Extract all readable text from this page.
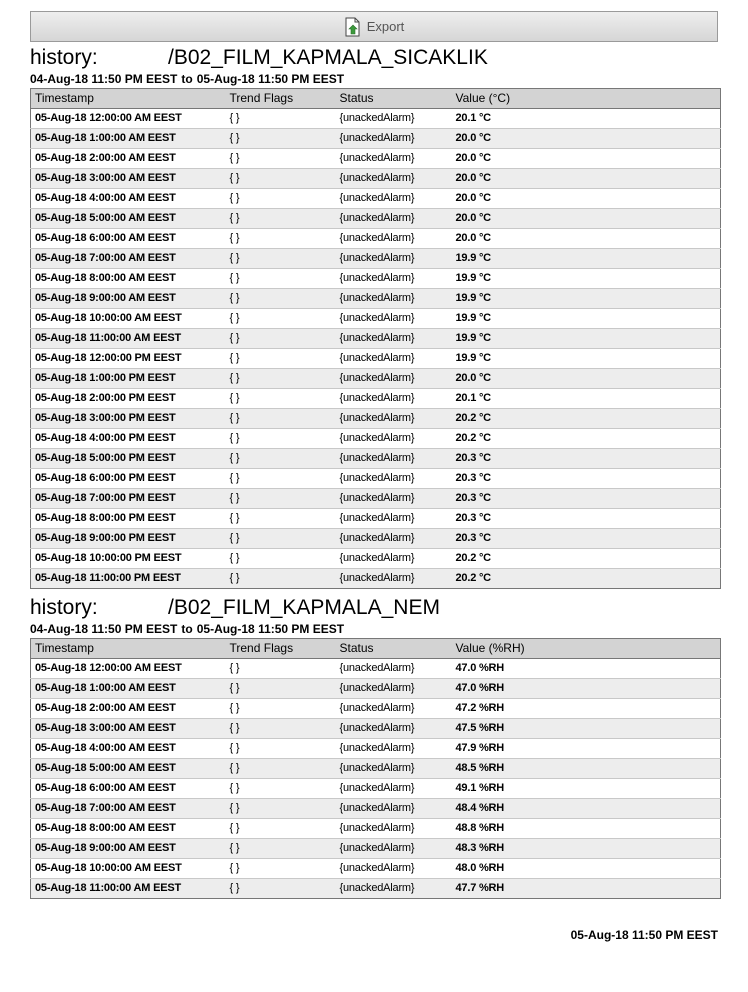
Export
history:	/B02_FILM_KAPMALA_SICAKLIK
04-Aug-18 11:50 PM EEST to 05-Aug-18 11:50 PM EEST
Timestamp	Trend Flags	Status	Value (°C)
05-Aug-18 12:00:00 AM EEST	{ }	{unackedAlarm}	20.1 °C
05-Aug-18 1:00:00 AM EEST	{ }	{unackedAlarm}	20.0 °C
05-Aug-18 2:00:00 AM EEST	{ }	{unackedAlarm}	20.0 °C
05-Aug-18 3:00:00 AM EEST	{ }	{unackedAlarm}	20.0 °C
05-Aug-18 4:00:00 AM EEST	{ }	{unackedAlarm}	20.0 °C
05-Aug-18 5:00:00 AM EEST	{ }	{unackedAlarm}	20.0 °C
05-Aug-18 6:00:00 AM EEST	{ }	{unackedAlarm}	20.0 °C
05-Aug-18 7:00:00 AM EEST	{ }	{unackedAlarm}	19.9 °C
05-Aug-18 8:00:00 AM EEST	{ }	{unackedAlarm}	19.9 °C
05-Aug-18 9:00:00 AM EEST	{ }	{unackedAlarm}	19.9 °C
05-Aug-18 10:00:00 AM EEST	{ }	{unackedAlarm}	19.9 °C
05-Aug-18 11:00:00 AM EEST	{ }	{unackedAlarm}	19.9 °C
05-Aug-18 12:00:00 PM EEST	{ }	{unackedAlarm}	19.9 °C
05-Aug-18 1:00:00 PM EEST	{ }	{unackedAlarm}	20.0 °C
05-Aug-18 2:00:00 PM EEST	{ }	{unackedAlarm}	20.1 °C
05-Aug-18 3:00:00 PM EEST	{ }	{unackedAlarm}	20.2 °C
05-Aug-18 4:00:00 PM EEST	{ }	{unackedAlarm}	20.2 °C
05-Aug-18 5:00:00 PM EEST	{ }	{unackedAlarm}	20.3 °C
05-Aug-18 6:00:00 PM EEST	{ }	{unackedAlarm}	20.3 °C
05-Aug-18 7:00:00 PM EEST	{ }	{unackedAlarm}	20.3 °C
05-Aug-18 8:00:00 PM EEST	{ }	{unackedAlarm}	20.3 °C
05-Aug-18 9:00:00 PM EEST	{ }	{unackedAlarm}	20.3 °C
05-Aug-18 10:00:00 PM EEST	{ }	{unackedAlarm}	20.2 °C
05-Aug-18 11:00:00 PM EEST	{ }	{unackedAlarm}	20.2 °C
history:	/B02_FILM_KAPMALA_NEM
04-Aug-18 11:50 PM EEST to 05-Aug-18 11:50 PM EEST
Timestamp	Trend Flags	Status	Value (%RH)
05-Aug-18 12:00:00 AM EEST	{ }	{unackedAlarm}	47.0 %RH
05-Aug-18 1:00:00 AM EEST	{ }	{unackedAlarm}	47.0 %RH
05-Aug-18 2:00:00 AM EEST	{ }	{unackedAlarm}	47.2 %RH
05-Aug-18 3:00:00 AM EEST	{ }	{unackedAlarm}	47.5 %RH
05-Aug-18 4:00:00 AM EEST	{ }	{unackedAlarm}	47.9 %RH
05-Aug-18 5:00:00 AM EEST	{ }	{unackedAlarm}	48.5 %RH
05-Aug-18 6:00:00 AM EEST	{ }	{unackedAlarm}	49.1 %RH
05-Aug-18 7:00:00 AM EEST	{ }	{unackedAlarm}	48.4 %RH
05-Aug-18 8:00:00 AM EEST	{ }	{unackedAlarm}	48.8 %RH
05-Aug-18 9:00:00 AM EEST	{ }	{unackedAlarm}	48.3 %RH
05-Aug-18 10:00:00 AM EEST	{ }	{unackedAlarm}	48.0 %RH
05-Aug-18 11:00:00 AM EEST	{ }	{unackedAlarm}	47.7 %RH
05-Aug-18 11:50 PM EEST
